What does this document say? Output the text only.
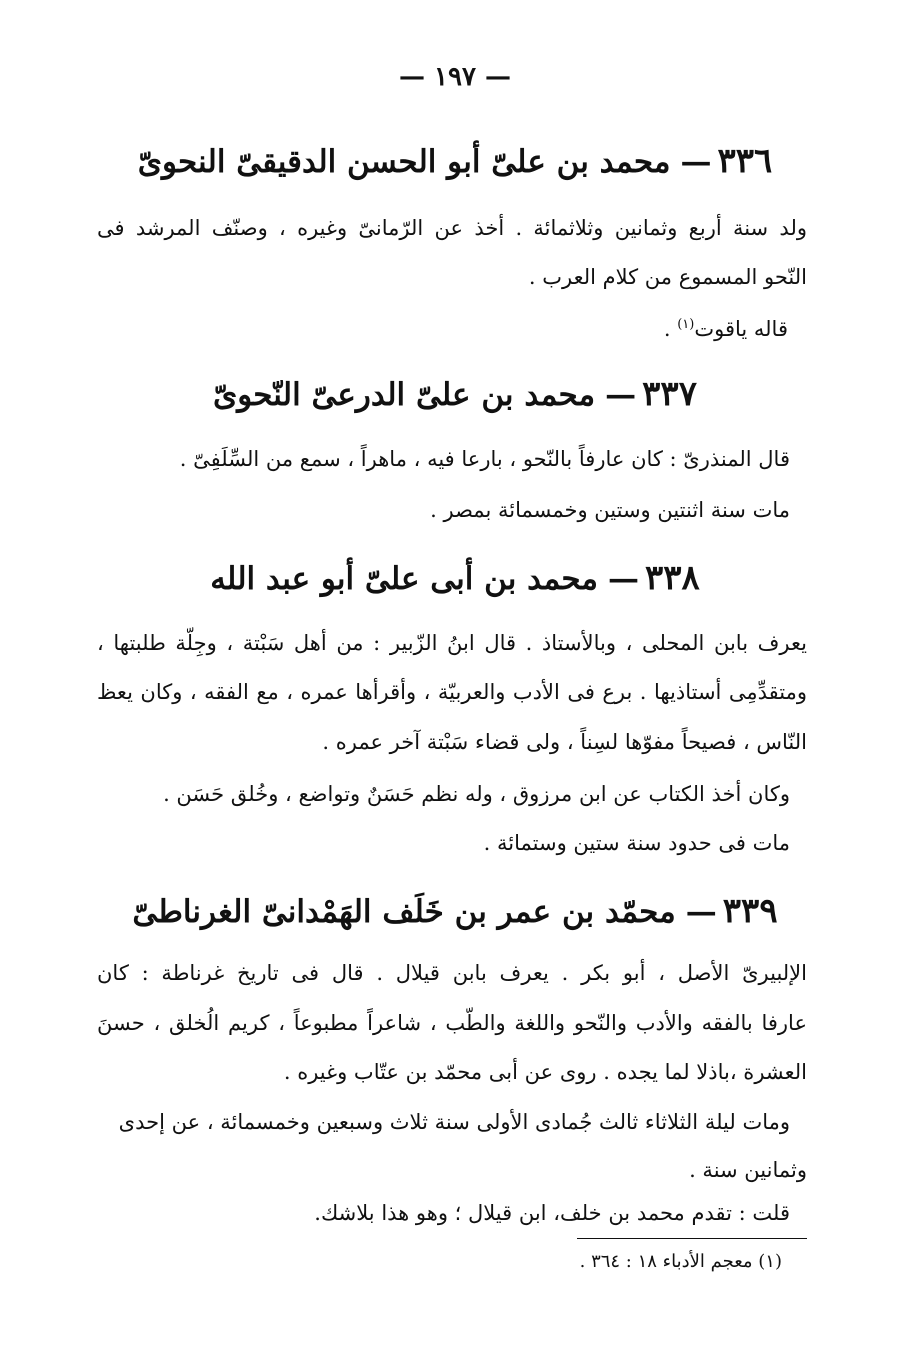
— ١٩٧ —
٣٣٦—محمد بن علىّ أبو الحسن الدقيقىّ النحوىّ
ولد سنة أربع وثمانين وثلاثمائة . أخذ عن الرّمانىّ وغيره ، وصنّف المرشد فى
النّحو المسموع من كلام العرب .
قاله ياقوت$^{(١)}$ .
٣٣٧—محمد بن علىّ الدرعىّ النّحوىّ
قال المنذرىّ : كان عارفاً بالنّحو ، بارعا فيه ، ماهراً ، سمع من السِّلَفِىّ .
مات سنة اثنتين وستين وخمسمائة بمصر .
٣٣٨—محمد بن أبى علىّ أبو عبد الله
يعرف بابن المحلى ، وبالأستاذ . قال ابنُ الزّبير : من أهل سَبْتة ، وجِلّة طلبتها ،
ومتقدِّمِى أستاذيها . برع فى الأدب والعربيّة ، وأقرأها عمره ، مع الفقه ، وكان يعظ
النّاس ، فصيحاً مفوّها لسِناً ، ولى قضاء سَبْتة آخر عمره .
وكان أخذ الكتاب عن ابن مرزوق ، وله نظم حَسَنٌ وتواضع ، وخُلق حَسَن .
مات فى حدود سنة ستين وستمائة .
٣٣٩—محمّد بن عمر بن خَلَف الهَمْدانىّ الغرناطىّ
الإلبيرىّ الأصل ، أبو بكر . يعرف بابن قيلال . قال فى تاريخ غرناطة : كان
عارفا بالفقه والأدب والنّحو واللغة والطّب ، شاعراً مطبوعاً ، كريم الُخلق ، حسنَ
العشرة ،باذلا لما يجده . روى عن أبى محمّد بن عتّاب وغيره .
ومات ليلة الثلاثاء ثالث جُمادى الأولى سنة ثلاث وسبعين وخمسمائة ، عن إحدى
وثمانين سنة .
قلت : تقدم محمد بن خلف، ابن قيلال ؛ وهو هذا بلاشك.
(١) معجم الأدباء ١٨ : ٣٦٤ .
